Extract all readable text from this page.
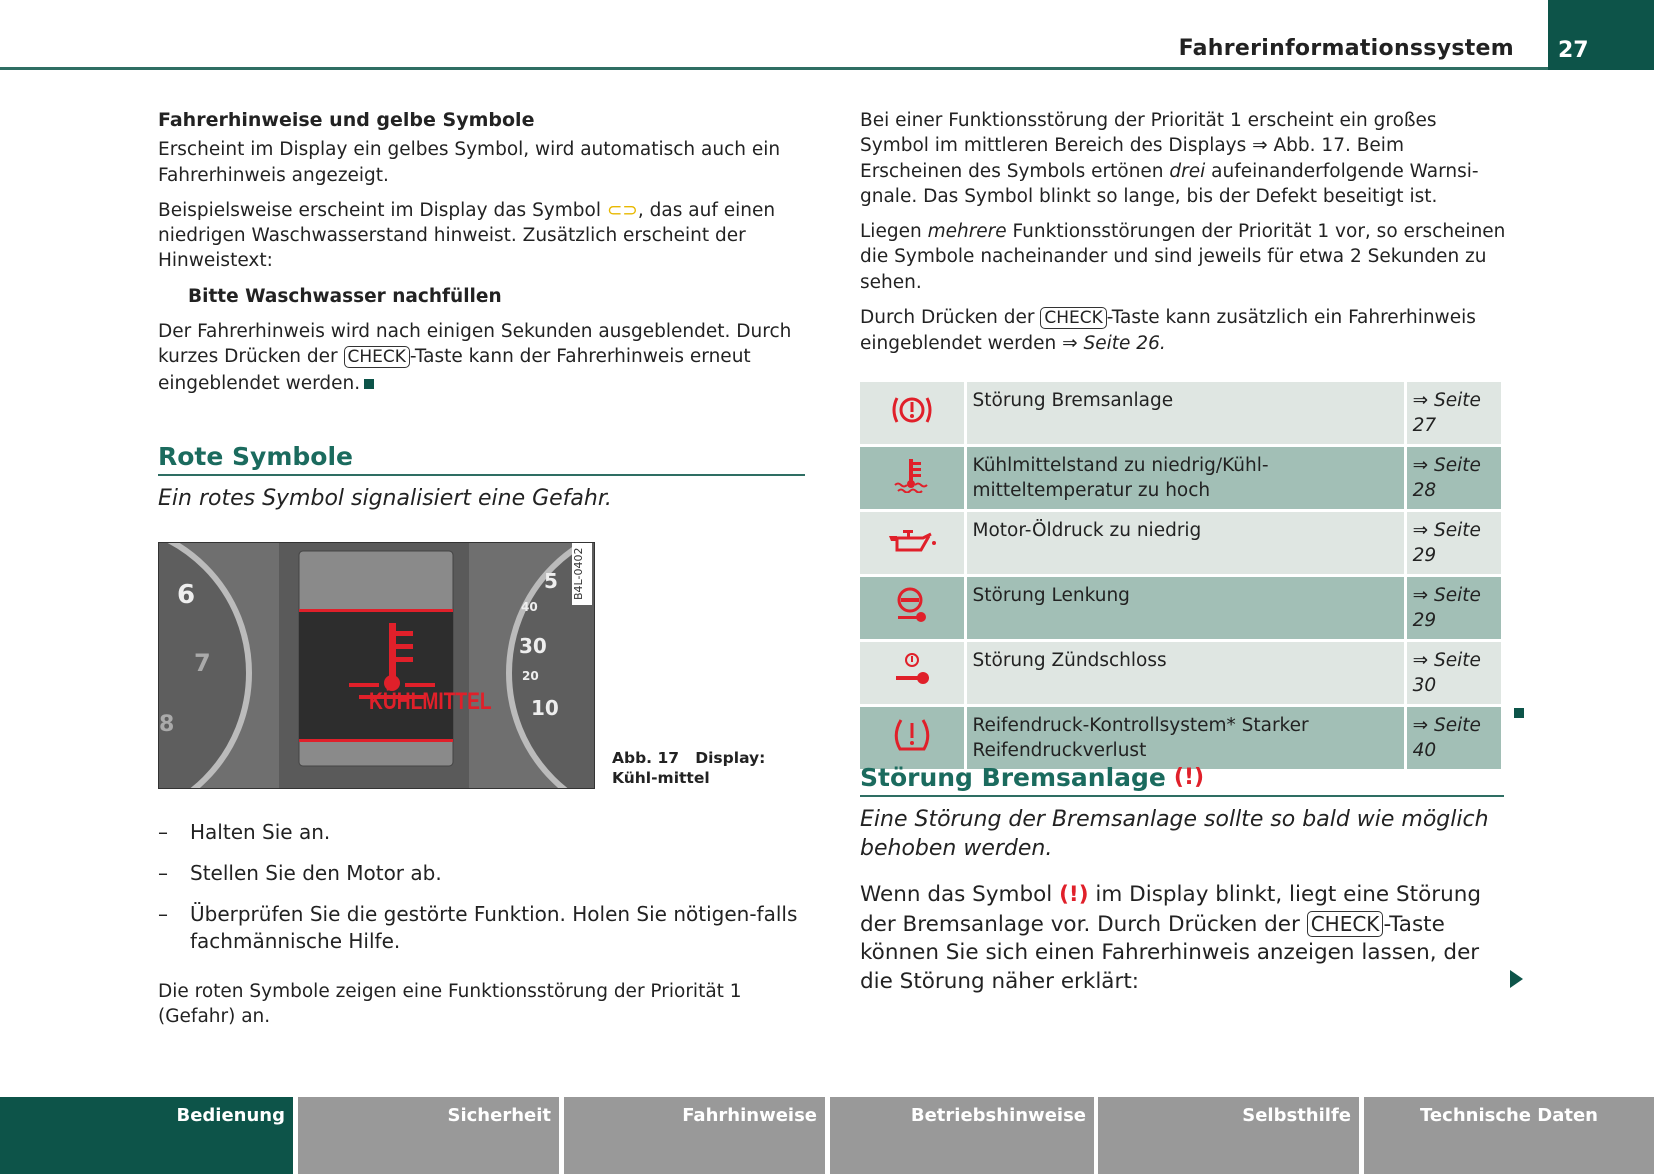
Fahrerinformationssystem 27
Fahrerhinweise und gelbe Symbole
Erscheint im Display ein gelbes Symbol, wird automatisch auch ein Fahrerhinweis angezeigt.
Beispielsweise erscheint im Display das Symbol ⊂⊃, das auf einen niedrigen Waschwasserstand hinweist. Zusätzlich erscheint der Hinweistext:
Bitte Waschwasser nachfüllen
Der Fahrerhinweis wird nach einigen Sekunden ausgeblendet. Durch kurzes Drücken der CHECK -Taste kann der Fahrerhinweis erneut eingeblendet werden.
Rote Symbole
Ein rotes Symbol signalisiert eine Gefahr.
6
7
8
5
40
30
20
10
KÜHLMITTEL
B4L-0402
Abb. 17 Display: Kühl-mittel
– Halten Sie an.
– Stellen Sie den Motor ab.
– Überprüfen Sie die gestörte Funktion. Holen Sie nötigen-falls fachmännische Hilfe.
Die roten Symbole zeigen eine Funktionsstörung der Priorität 1 (Gefahr) an.
Bei einer Funktionsstörung der Priorität 1 erscheint ein großes Symbol im mittleren Bereich des Displays ⇒ Abb. 17. Beim Erscheinen des Symbols ertönen drei aufeinanderfolgende Warnsi-gnale. Das Symbol blinkt so lange, bis der Defekt beseitigt ist.
Liegen mehrere Funktionsstörungen der Priorität 1 vor, so erscheinen die Symbole nacheinander und sind jeweils für etwa 2 Sekunden zu sehen.
Durch Drücken der CHECK -Taste kann zusätzlich ein Fahrerhinweis eingeblendet werden ⇒ Seite 26.
	Störung Bremsanlage	⇒ Seite 27
	Kühlmittelstand zu niedrig/Kühl-mitteltemperatur zu hoch	⇒ Seite 28
	Motor-Öldruck zu niedrig	⇒ Seite 29
	Störung Lenkung	⇒ Seite 29
	Störung Zündschloss	⇒ Seite 30
	Reifendruck-Kontrollsystem* Starker Reifendruckverlust	⇒ Seite 40
Störung Bremsanlage (!)
Eine Störung der Bremsanlage sollte so bald wie möglich behoben werden.
Wenn das Symbol (!) im Display blinkt, liegt eine Störung der Bremsanlage vor. Durch Drücken der CHECK -Taste können Sie sich einen Fahrerhinweis anzeigen lassen, der die Störung näher erklärt:
Bedienung	Sicherheit	Fahrhinweise	Betriebshinweise	Selbsthilfe	Technische Daten
